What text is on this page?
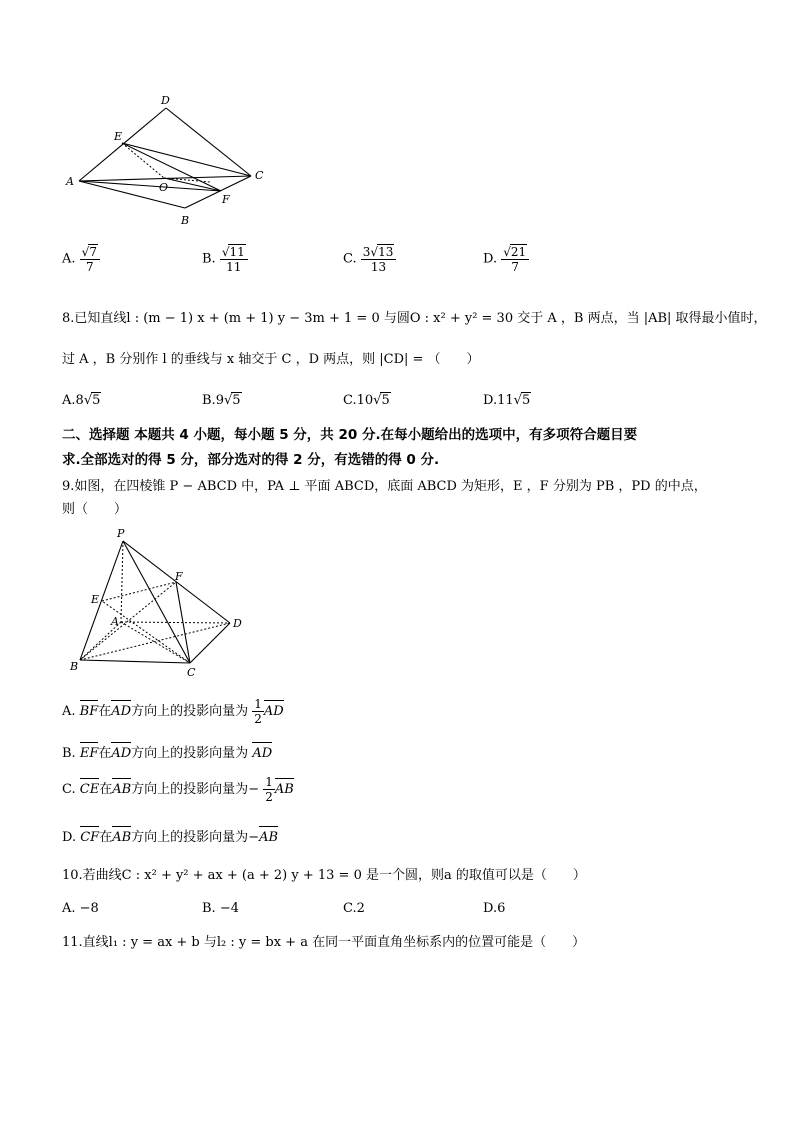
A
B
C
D
E
F
O
A. $\frac{√7}{7}$	B. $\frac{√11}{11}$	C. $\frac{3√13}{13}$	D. $\frac{√21}{7}$
8.已知直线l : (m − 1) x + (m + 1) y − 3m + 1 = 0 与圆O : x² + y² = 30 交于 A ，B 两点，当 |AB| 取得最小值时，
过 A ，B 分别作 l 的垂线与 x 轴交于 C ，D 两点，则 |CD| = （　　）
A.8√5	B.9√5	C.10√5	D.11√5
二、选择题 本题共 4 小题，每小题 5 分，共 20 分.在每小题给出的选项中，有多项符合题目要
求.全部选对的得 5 分，部分选对的得 2 分，有选错的得 0 分.
9.如图，在四棱锥 P − ABCD 中，PA ⊥ 平面 ABCD，底面 ABCD 为矩形，E ，F 分别为 PB ，PD 的中点，
则（　　）
P
A
B	C
D
E
F
A. BF在AD方向上的投影向量为 $\frac{1}{2}$ AD
B. EF在AD方向上的投影向量为 AD
C. CE在AB方向上的投影向量为− $\frac{1}{2}$ AB
D. CF在AB方向上的投影向量为−AB
10.若曲线C : x² + y² + ax + (a + 2) y + 13 = 0 是一个圆，则a 的取值可以是（　　）
A. −8	B. −4	C.2	D.6
11.直线l₁ : y = ax + b 与l₂ : y = bx + a 在同一平面直角坐标系内的位置可能是（　　）
